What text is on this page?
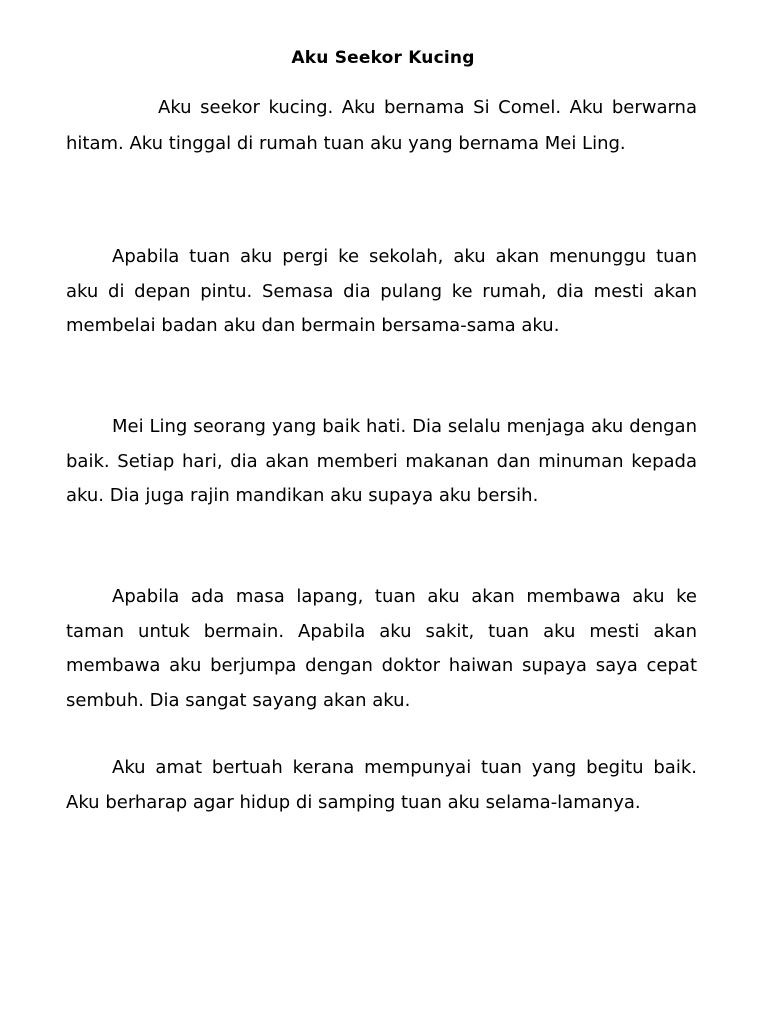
Aku Seekor Kucing

Aku seekor kucing. Aku bernama Si Comel. Aku berwarna hitam. Aku tinggal di rumah tuan aku yang bernama Mei Ling.

Apabila tuan aku pergi ke sekolah, aku akan menunggu tuan aku di depan pintu. Semasa dia pulang ke rumah, dia mesti akan membelai badan aku dan bermain bersama-sama aku.

Mei Ling seorang yang baik hati. Dia selalu menjaga aku dengan baik. Setiap hari, dia akan memberi makanan dan minuman kepada aku. Dia juga rajin mandikan aku supaya aku bersih.

Apabila ada masa lapang, tuan aku akan membawa aku ke taman untuk bermain. Apabila aku sakit, tuan aku mesti akan membawa aku berjumpa dengan doktor haiwan supaya saya cepat sembuh. Dia sangat sayang akan aku.

Aku amat bertuah kerana mempunyai tuan yang begitu baik. Aku berharap agar hidup di samping tuan aku selama-lamanya.
